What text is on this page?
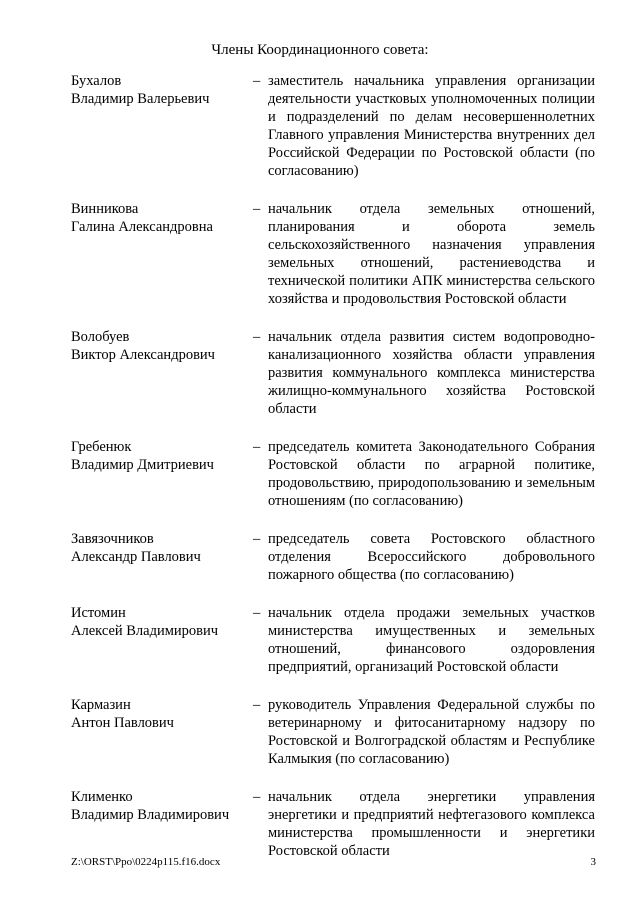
Члены Координационного совета:
Бухалов
Владимир Валерьевич
– заместитель начальника управления организации деятельности участковых уполномоченных полиции и подразделений по делам несовершеннолетних Главного управления Министерства внутренних дел Российской Федерации по Ростовской области (по согласованию)
Винникова
Галина Александровна
– начальник отдела земельных отношений, планирования и оборота земель сельскохозяйственного назначения управления земельных отношений, растениеводства и технической политики АПК министерства сельского хозяйства и продовольствия Ростовской области
Волобуев
Виктор Александрович
– начальник отдела развития систем водопроводно-канализационного хозяйства области управления развития коммунального комплекса министерства жилищно-коммунального хозяйства Ростовской области
Гребенюк
Владимир Дмитриевич
– председатель комитета Законодательного Собрания Ростовской области по аграрной политике, продовольствию, природопользованию и земельным отношениям (по согласованию)
Завязочников
Александр Павлович
– председатель совета Ростовского областного отделения Всероссийского добровольного пожарного общества (по согласованию)
Истомин
Алексей Владимирович
– начальник отдела продажи земельных участков министерства имущественных и земельных отношений, финансового оздоровления предприятий, организаций Ростовской области
Кармазин
Антон Павлович
– руководитель Управления Федеральной службы по ветеринарному и фитосанитарному надзору по Ростовской и Волгоградской областям и Республике Калмыкия (по согласованию)
Клименко
Владимир Владимирович
– начальник отдела энергетики управления энергетики и предприятий нефтегазового комплекса министерства промышленности и энергетики Ростовской области
Z:\ORST\Ppo\0224p115.f16.docx	3
